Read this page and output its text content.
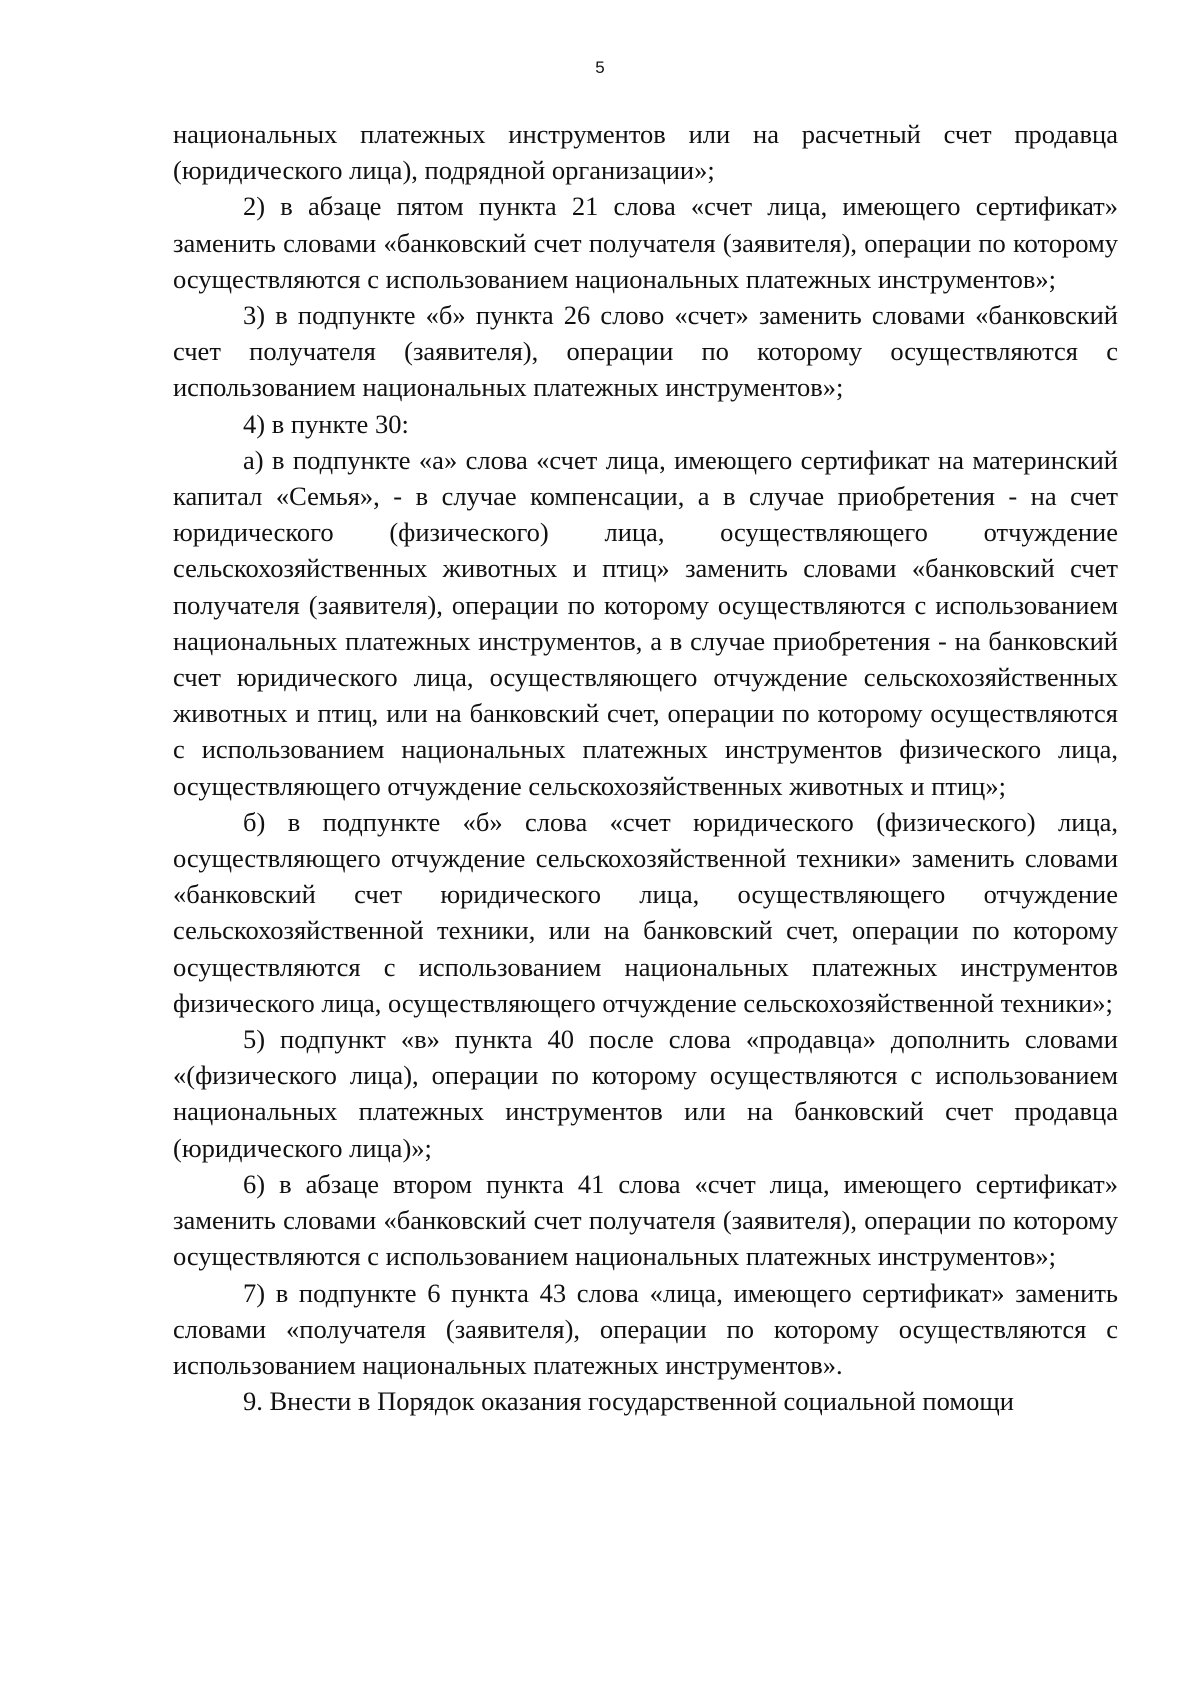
5

национальных платежных инструментов или на расчетный счет продавца (юридического лица), подрядной организации»;

2) в абзаце пятом пункта 21 слова «счет лица, имеющего сертификат» заменить словами «банковский счет получателя (заявителя), операции по которому осуществляются с использованием национальных платежных инструментов»;

3) в подпункте «б» пункта 26 слово «счет» заменить словами «банковский счет получателя (заявителя), операции по которому осуществляются с использованием национальных платежных инструментов»;

4) в пункте 30:

а) в подпункте «а» слова «счет лица, имеющего сертификат на материнский капитал «Семья», - в случае компенсации, а в случае приобретения - на счет юридического (физического) лица, осуществляющего отчуждение сельскохозяйственных животных и птиц» заменить словами «банковский счет получателя (заявителя), операции по которому осуществляются с использованием национальных платежных инструментов, а в случае приобретения - на банковский счет юридического лица, осуществляющего отчуждение сельскохозяйственных животных и птиц, или на банковский счет, операции по которому осуществляются с использованием национальных платежных инструментов физического лица, осуществляющего отчуждение сельскохозяйственных животных и птиц»;

б) в подпункте «б» слова «счет юридического (физического) лица, осуществляющего отчуждение сельскохозяйственной техники» заменить словами «банковский счет юридического лица, осуществляющего отчуждение сельскохозяйственной техники, или на банковский счет, операции по которому осуществляются с использованием национальных платежных инструментов физического лица, осуществляющего отчуждение сельскохозяйственной техники»;

5) подпункт «в» пункта 40 после слова «продавца» дополнить словами «(физического лица), операции по которому осуществляются с использованием национальных платежных инструментов или на банковский счет продавца (юридического лица)»;

6) в абзаце втором пункта 41 слова «счет лица, имеющего сертификат» заменить словами «банковский счет получателя (заявителя), операции по которому осуществляются с использованием национальных платежных инструментов»;

7) в подпункте 6 пункта 43 слова «лица, имеющего сертификат» заменить словами «получателя (заявителя), операции по которому осуществляются с использованием национальных платежных инструментов».

9. Внести в Порядок оказания государственной социальной помощи
